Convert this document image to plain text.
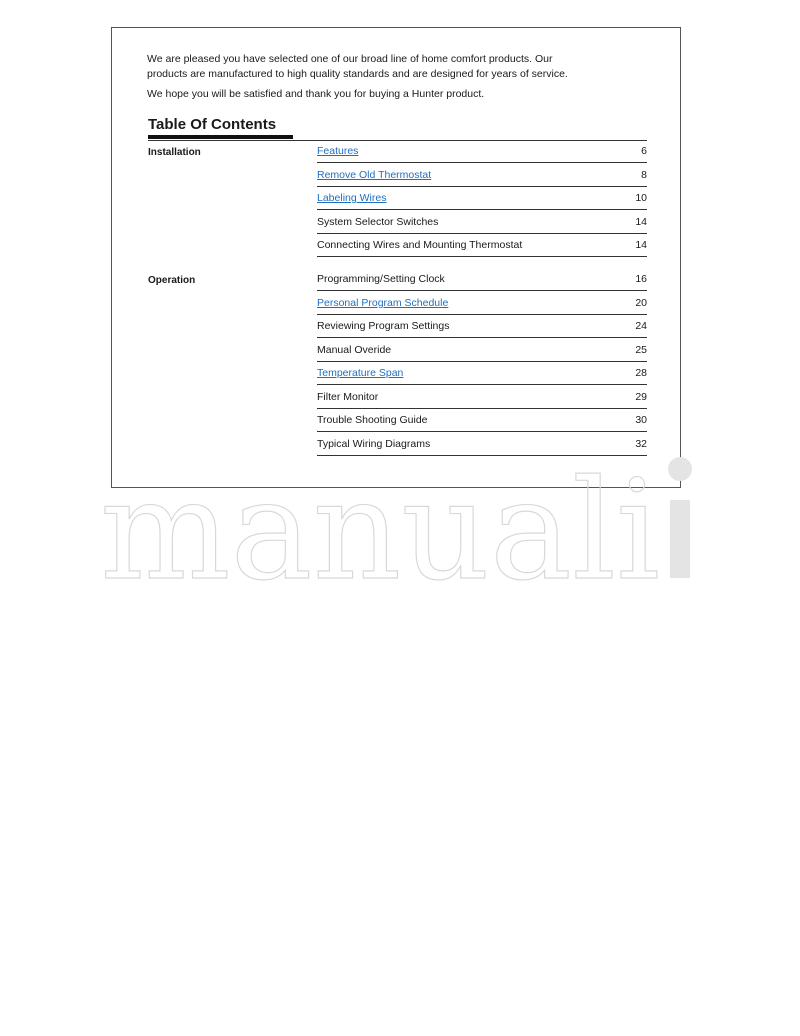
We are pleased you have selected one of our broad line of home comfort products. Our
products are manufactured to high quality standards and are designed for years of service.

We hope you will be satisfied and thank you for buying a Hunter product.

Table Of Contents
Installation	Features	6
Remove Old Thermostat	8
Labeling Wires	10
System Selector Switches	14
Connecting Wires and Mounting Thermostat	14
Operation	Programming/Setting Clock	16
Personal Program Schedule	20
Reviewing Program Settings	24
Manual Overide	25
Temperature Span	28
Filter Monitor	29
Trouble Shooting Guide	30
Typical Wiring Diagrams	32
manuali
